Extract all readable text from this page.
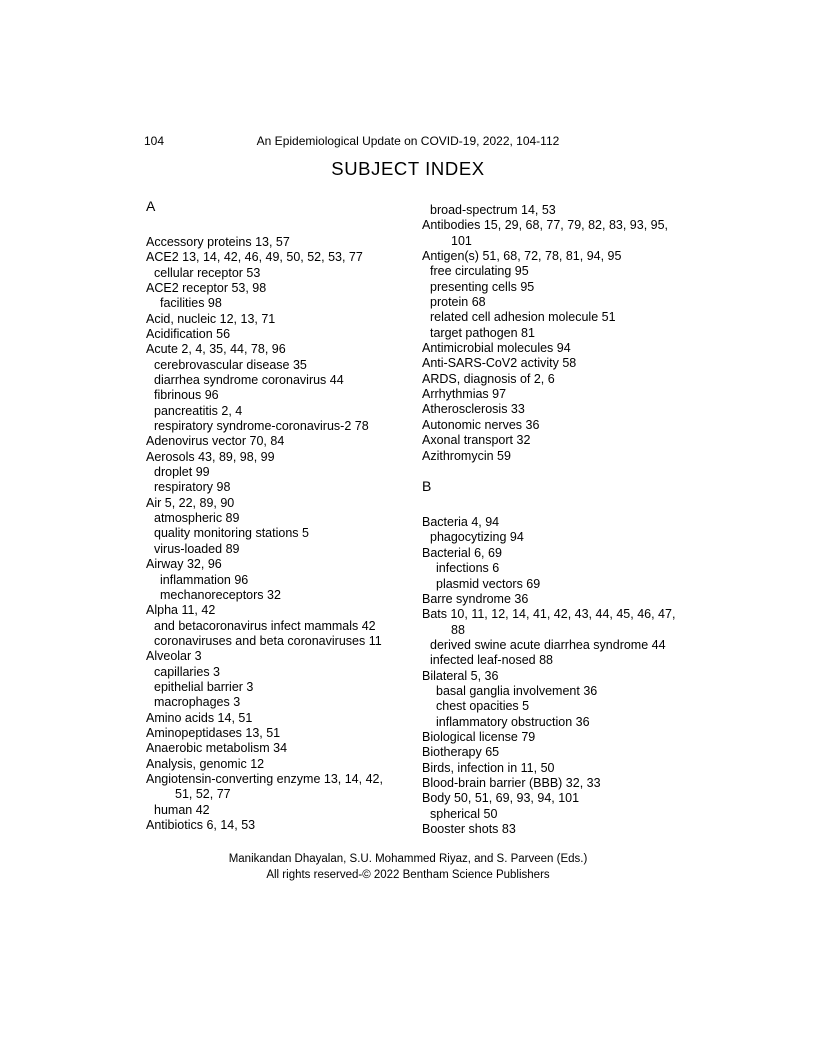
104	An Epidemiological Update on COVID-19, 2022, 104-112
SUBJECT INDEX
A
Accessory proteins 13, 57
ACE2 13, 14, 42, 46, 49, 50, 52, 53, 77
cellular receptor 53
ACE2 receptor 53, 98
facilities 98
Acid, nucleic 12, 13, 71
Acidification 56
Acute 2, 4, 35, 44, 78, 96
cerebrovascular disease 35
diarrhea syndrome coronavirus 44
fibrinous 96
pancreatitis 2, 4
respiratory syndrome-coronavirus-2 78
Adenovirus vector 70, 84
Aerosols 43, 89, 98, 99
droplet 99
respiratory 98
Air 5, 22, 89, 90
atmospheric 89
quality monitoring stations 5
virus-loaded 89
Airway 32, 96
inflammation 96
mechanoreceptors 32
Alpha 11, 42
and betacoronavirus infect mammals 42
coronaviruses and beta coronaviruses 11
Alveolar 3
capillaries 3
epithelial barrier 3
macrophages 3
Amino acids 14, 51
Aminopeptidases 13, 51
Anaerobic metabolism 34
Analysis, genomic 12
Angiotensin-converting enzyme 13, 14, 42,
51, 52, 77
human 42
Antibiotics 6, 14, 53
broad-spectrum 14, 53
Antibodies 15, 29, 68, 77, 79, 82, 83, 93, 95,
101
Antigen(s) 51, 68, 72, 78, 81, 94, 95
free circulating 95
presenting cells 95
protein 68
related cell adhesion molecule 51
target pathogen 81
Antimicrobial molecules 94
Anti-SARS-CoV2 activity 58
ARDS, diagnosis of 2, 6
Arrhythmias 97
Atherosclerosis 33
Autonomic nerves 36
Axonal transport 32
Azithromycin 59
B
Bacteria 4, 94
phagocytizing 94
Bacterial 6, 69
infections 6
plasmid vectors 69
Barre syndrome 36
Bats 10, 11, 12, 14, 41, 42, 43, 44, 45, 46, 47,
88
derived swine acute diarrhea syndrome 44
infected leaf-nosed 88
Bilateral 5, 36
basal ganglia involvement 36
chest opacities 5
inflammatory obstruction 36
Biological license 79
Biotherapy 65
Birds, infection in 11, 50
Blood-brain barrier (BBB) 32, 33
Body 50, 51, 69, 93, 94, 101
spherical 50
Booster shots 83
Manikandan Dhayalan, S.U. Mohammed Riyaz, and S. Parveen (Eds.)
All rights reserved-© 2022 Bentham Science Publishers
